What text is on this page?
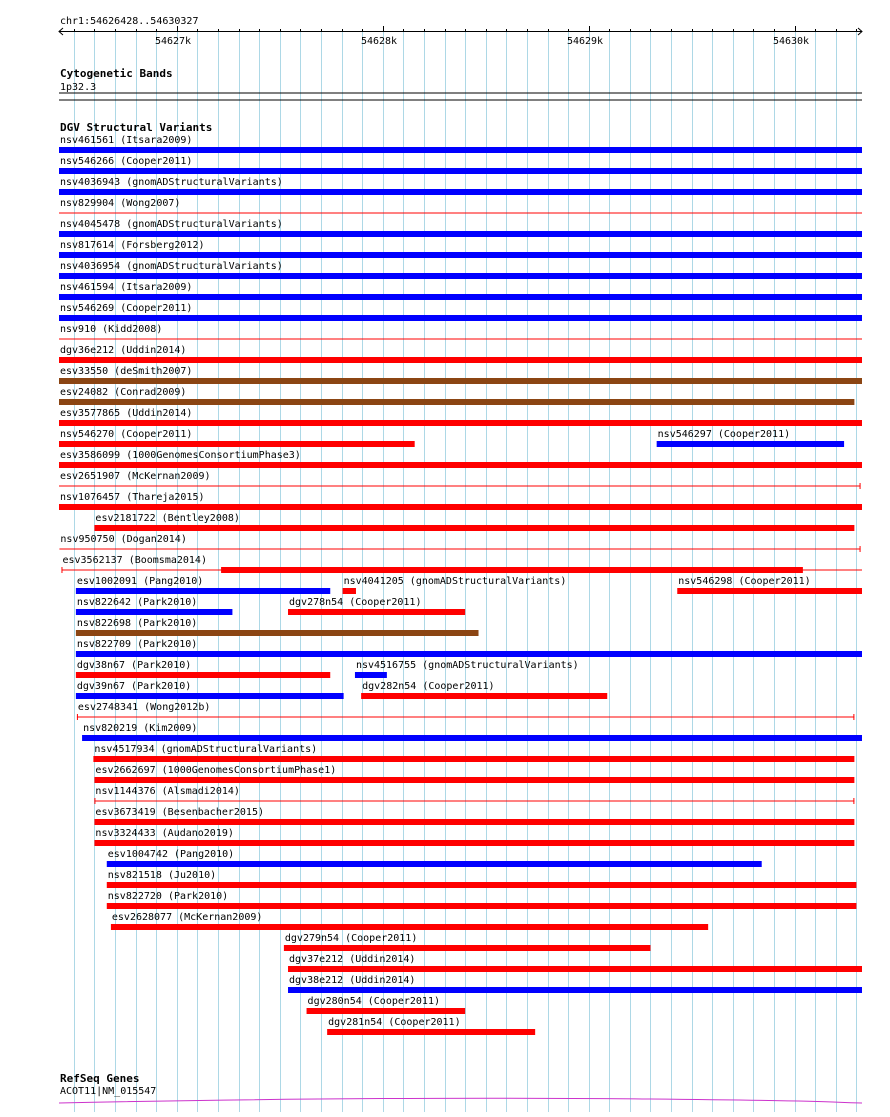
chr1:54626428..54630327
54627k	54628k	54629k	54630k
Cytogenetic Bands
1p32.3
DGV Structural Variants
nsv461561 (Itsara2009)
nsv546266 (Cooper2011)
nsv4036943 (gnomADStructuralVariants)
nsv829904 (Wong2007)
nsv4045478 (gnomADStructuralVariants)
nsv817614 (Forsberg2012)
nsv4036954 (gnomADStructuralVariants)
nsv461594 (Itsara2009)
nsv546269 (Cooper2011)
nsv910 (Kidd2008)
dgv36e212 (Uddin2014)
esv33550 (deSmith2007)
esv24082 (Conrad2009)
esv3577865 (Uddin2014)
nsv546270 (Cooper2011)	nsv546297 (Cooper2011)
esv3586099 (1000GenomesConsortiumPhase3)
esv2651907 (McKernan2009)
nsv1076457 (Thareja2015)
esv2181722 (Bentley2008)
nsv950750 (Dogan2014)
esv3562137 (Boomsma2014)
esv1002091 (Pang2010)	nsv4041205 (gnomADStructuralVariants)	nsv546298 (Cooper2011)
nsv822642 (Park2010)	dgv278n54 (Cooper2011)
nsv822698 (Park2010)
nsv822709 (Park2010)
dgv38n67 (Park2010)	nsv4516755 (gnomADStructuralVariants)
dgv39n67 (Park2010)	dgv282n54 (Cooper2011)
esv2748341 (Wong2012b)
nsv820219 (Kim2009)
nsv4517934 (gnomADStructuralVariants)
esv2662697 (1000GenomesConsortiumPhase1)
nsv1144376 (Alsmadi2014)
esv3673419 (Besenbacher2015)
nsv3324433 (Audano2019)
esv1004742 (Pang2010)
nsv821518 (Ju2010)
nsv822720 (Park2010)
esv2628077 (McKernan2009)
dgv279n54 (Cooper2011)
dgv37e212 (Uddin2014)
dgv38e212 (Uddin2014)
dgv280n54 (Cooper2011)
dgv281n54 (Cooper2011)
RefSeq Genes
ACOT11|NM_015547
